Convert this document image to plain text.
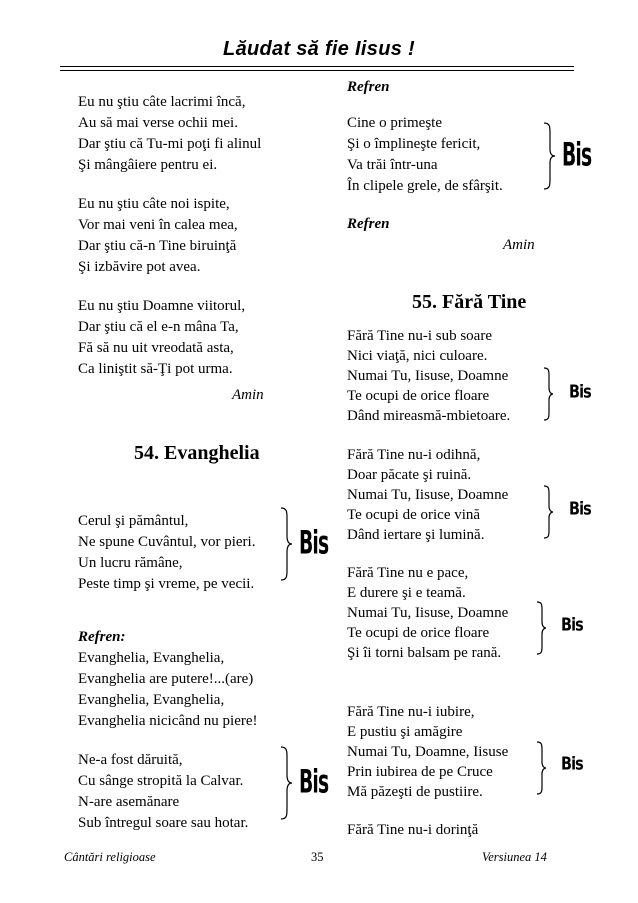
Lăudat să fie Iisus !
Eu nu ştiu câte lacrimi încă,
Au să mai verse ochii mei.
Dar ştiu că Tu-mi poţi fi alinul
Şi mângâiere pentru ei.
Eu nu ştiu câte noi ispite,
Vor mai veni în calea mea,
Dar ştiu că-n Tine biruinţă
Şi izbăvire pot avea.
Eu nu ştiu Doamne viitorul,
Dar ştiu că el e-n mâna Ta,
Fă să nu uit vreodată asta,
Ca liniştit să-Ţi pot urma.
Amin
54. Evanghelia
Cerul şi pământul,
Ne spune Cuvântul, vor pieri.
Un lucru rămâne,
Peste timp şi vreme, pe vecii.
Refren:
Evanghelia, Evanghelia,
Evanghelia are putere!...(are)
Evanghelia, Evanghelia,
Evanghelia nicicând nu piere!
Ne-a fost dăruită,
Cu sânge stropită la Calvar.
N-are asemănare
Sub întregul soare sau hotar.
Bis
Bis
Refren
Cine o primeşte
Şi o împlineşte fericit,
Va trăi într-una
În clipele grele, de sfârşit.
Refren
Amin
55. Fără Tine
Fără Tine nu-i sub soare
Nici viaţă, nici culoare.
Numai Tu, Iisuse, Doamne
Te ocupi de orice floare
Dând mireasmă-mbietoare.
Fără Tine nu-i odihnă,
Doar păcate şi ruină.
Numai Tu, Iisuse, Doamne
Te ocupi de orice vină
Dând iertare şi lumină.
Fără Tine nu e pace,
E durere şi e teamă.
Numai Tu, Iisuse, Doamne
Te ocupi de orice floare
Şi îi torni balsam pe rană.
Fără Tine nu-i iubire,
E pustiu şi amăgire
Numai Tu, Doamne, Iisuse
Prin iubirea de pe Cruce
Mă păzeşti de pustiire.
Fără Tine nu-i dorinţă
Bis
Bis
Bis
Bis
Bis
Cântări religioase	35	Versiunea 14
